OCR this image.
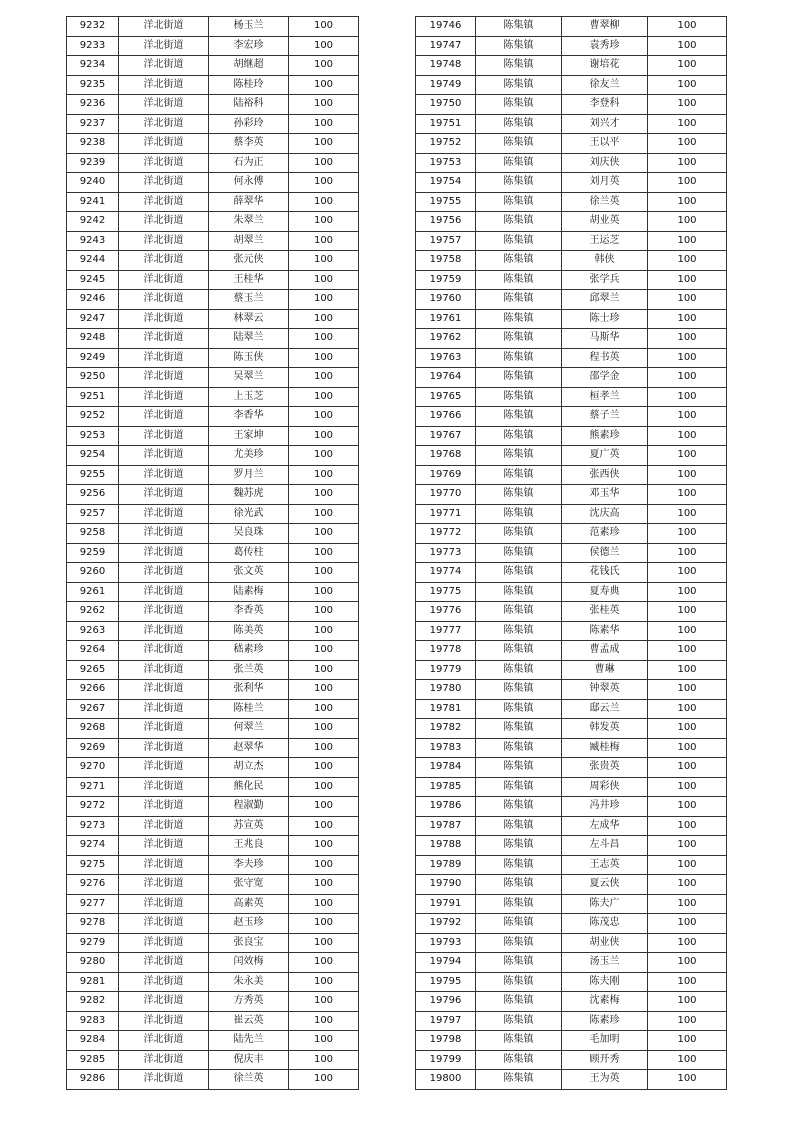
9232	洋北街道	杨玉兰	100
9233	洋北街道	李宏珍	100
9234	洋北街道	胡继超	100
9235	洋北街道	陈桂玲	100
9236	洋北街道	陆裕科	100
9237	洋北街道	孙彩玲	100
9238	洋北街道	蔡李英	100
9239	洋北街道	石为正	100
9240	洋北街道	何永傅	100
9241	洋北街道	薛翠华	100
9242	洋北街道	朱翠兰	100
9243	洋北街道	胡翠兰	100
9244	洋北街道	张元侠	100
9245	洋北街道	王桂华	100
9246	洋北街道	蔡玉兰	100
9247	洋北街道	林翠云	100
9248	洋北街道	陆翠兰	100
9249	洋北街道	陈玉侠	100
9250	洋北街道	吴翠兰	100
9251	洋北街道	上玉芝	100
9252	洋北街道	李香华	100
9253	洋北街道	王家坤	100
9254	洋北街道	尤美珍	100
9255	洋北街道	罗月兰	100
9256	洋北街道	魏苏虎	100
9257	洋北街道	徐光武	100
9258	洋北街道	吴良珠	100
9259	洋北街道	葛传柱	100
9260	洋北街道	张文英	100
9261	洋北街道	陆素梅	100
9262	洋北街道	李香英	100
9263	洋北街道	陈美英	100
9264	洋北街道	嵇素珍	100
9265	洋北街道	张兰英	100
9266	洋北街道	张利华	100
9267	洋北街道	陈桂兰	100
9268	洋北街道	何翠兰	100
9269	洋北街道	赵翠华	100
9270	洋北街道	胡立杰	100
9271	洋北街道	熊化民	100
9272	洋北街道	程淑勤	100
9273	洋北街道	苏宣英	100
9274	洋北街道	王兆良	100
9275	洋北街道	李夫珍	100
9276	洋北街道	张守宽	100
9277	洋北街道	高素英	100
9278	洋北街道	赵玉珍	100
9279	洋北街道	张良宝	100
9280	洋北街道	闰效梅	100
9281	洋北街道	朱永美	100
9282	洋北街道	方秀英	100
9283	洋北街道	崔云英	100
9284	洋北街道	陆先兰	100
9285	洋北街道	倪庆丰	100
9286	洋北街道	徐兰英	100
19746	陈集镇	曹翠柳	100
19747	陈集镇	袁秀珍	100
19748	陈集镇	谢培花	100
19749	陈集镇	徐友兰	100
19750	陈集镇	李登科	100
19751	陈集镇	刘兴才	100
19752	陈集镇	王以平	100
19753	陈集镇	刘庆侠	100
19754	陈集镇	刘月英	100
19755	陈集镇	徐兰英	100
19756	陈集镇	胡业英	100
19757	陈集镇	王运芝	100
19758	陈集镇	韩侠	100
19759	陈集镇	张学兵	100
19760	陈集镇	邱翠兰	100
19761	陈集镇	陈士珍	100
19762	陈集镇	马斯华	100
19763	陈集镇	程书英	100
19764	陈集镇	邵学金	100
19765	陈集镇	桓孝兰	100
19766	陈集镇	蔡子兰	100
19767	陈集镇	熊素珍	100
19768	陈集镇	夏广英	100
19769	陈集镇	张西侠	100
19770	陈集镇	邓玉华	100
19771	陈集镇	沈庆高	100
19772	陈集镇	范素珍	100
19773	陈集镇	侯德兰	100
19774	陈集镇	花钱氏	100
19775	陈集镇	夏寿典	100
19776	陈集镇	张桂英	100
19777	陈集镇	陈素华	100
19778	陈集镇	曹孟成	100
19779	陈集镇	曹琳	100
19780	陈集镇	钟翠英	100
19781	陈集镇	邸云兰	100
19782	陈集镇	韩发英	100
19783	陈集镇	臧桂梅	100
19784	陈集镇	张贵英	100
19785	陈集镇	周彩侠	100
19786	陈集镇	冯井珍	100
19787	陈集镇	左成华	100
19788	陈集镇	左斗昌	100
19789	陈集镇	王志英	100
19790	陈集镇	夏云侠	100
19791	陈集镇	陈夫广	100
19792	陈集镇	陈茂忠	100
19793	陈集镇	胡业侠	100
19794	陈集镇	汤玉兰	100
19795	陈集镇	陈夫刚	100
19796	陈集镇	沈素梅	100
19797	陈集镇	陈素珍	100
19798	陈集镇	毛加明	100
19799	陈集镇	顾开秀	100
19800	陈集镇	王为英	100
